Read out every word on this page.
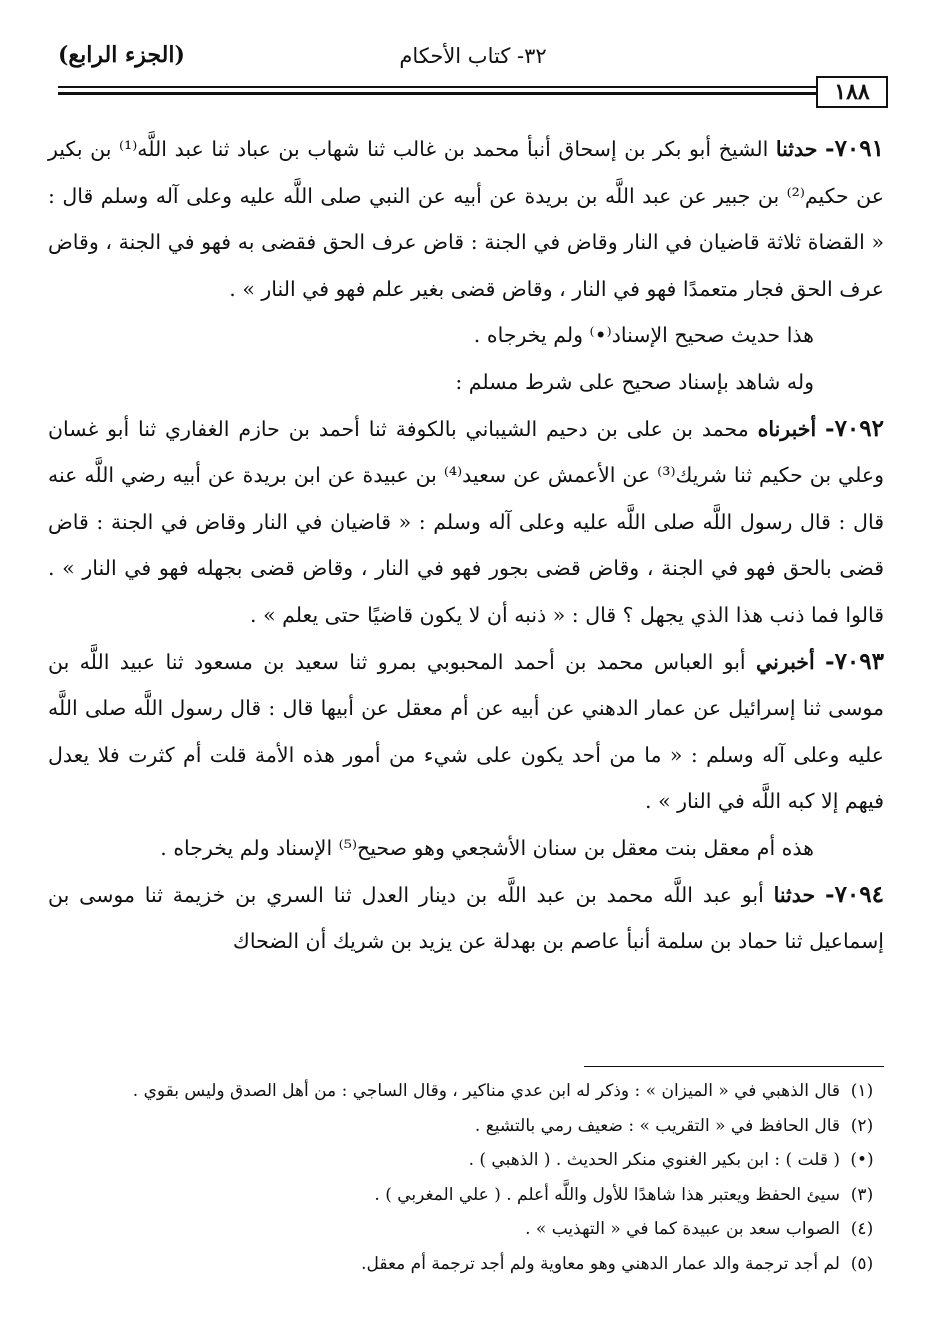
٣٢- كتاب الأحكام
(الجزء الرابع)
١٨٨

٧٠٩١- حدثنا الشيخ أبو بكر بن إسحاق أنبأ محمد بن غالب ثنا شهاب بن عباد ثنا عبد اللَّه⁽¹⁾ بن بكير عن حكيم⁽²⁾ بن جبير عن عبد اللَّه بن بريدة عن أبيه عن النبي صلى اللَّه عليه وعلى آله وسلم قال : « القضاة ثلاثة قاضيان في النار وقاض في الجنة : قاض عرف الحق فقضى به فهو في الجنة ، وقاض عرف الحق فجار متعمدًا فهو في النار ، وقاض قضى بغير علم فهو في النار » .

هذا حديث صحيح الإسناد⁽•⁾ ولم يخرجاه .

وله شاهد بإسناد صحيح على شرط مسلم :

٧٠٩٢- أخبرناه محمد بن على بن دحيم الشيباني بالكوفة ثنا أحمد بن حازم الغفاري ثنا أبو غسان وعلي بن حكيم ثنا شريك⁽³⁾ عن الأعمش عن سعيد⁽⁴⁾ بن عبيدة عن ابن بريدة عن أبيه رضي اللَّه عنه قال : قال رسول اللَّه صلى اللَّه عليه وعلى آله وسلم : « قاضيان في النار وقاض في الجنة : قاض قضى بالحق فهو في الجنة ، وقاض قضى بجور فهو في النار ، وقاض قضى بجهله فهو في النار » . قالوا فما ذنب هذا الذي يجهل ؟ قال : « ذنبه أن لا يكون قاضيًا حتى يعلم » .

٧٠٩٣- أخبرني أبو العباس محمد بن أحمد المحبوبي بمرو ثنا سعيد بن مسعود ثنا عبيد اللَّه بن موسى ثنا إسرائيل عن عمار الدهني عن أبيه عن أم معقل عن أبيها قال : قال رسول اللَّه صلى اللَّه عليه وعلى آله وسلم : « ما من أحد يكون على شيء من أمور هذه الأمة قلت أم كثرت فلا يعدل فيهم إلا كبه اللَّه في النار » .

هذه أم معقل بنت معقل بن سنان الأشجعي وهو صحيح⁽⁵⁾ الإسناد ولم يخرجاه .

٧٠٩٤- حدثنا أبو عبد اللَّه محمد بن عبد اللَّه بن دينار العدل ثنا السري بن خزيمة ثنا موسى بن إسماعيل ثنا حماد بن سلمة أنبأ عاصم بن بهدلة عن يزيد بن شريك أن الضحاك

(١)
قال الذهبي في « الميزان » : وذكر له ابن عدي مناكير ، وقال الساجي : من أهل الصدق وليس بقوي .
(٢)
قال الحافظ في « التقريب » : ضعيف رمي بالتشيع .
(•)
( قلت ) : ابن بكير الغنوي منكر الحديث . ( الذهبي ) .
(٣)
سيئ الحفظ ويعتبر هذا شاهدًا للأول واللَّه أعلم . ( علي المغربي ) .
(٤)
الصواب سعد بن عبيدة كما في « التهذيب » .
(٥)
لم أجد ترجمة والد عمار الدهني وهو معاوية ولم أجد ترجمة أم معقل.
